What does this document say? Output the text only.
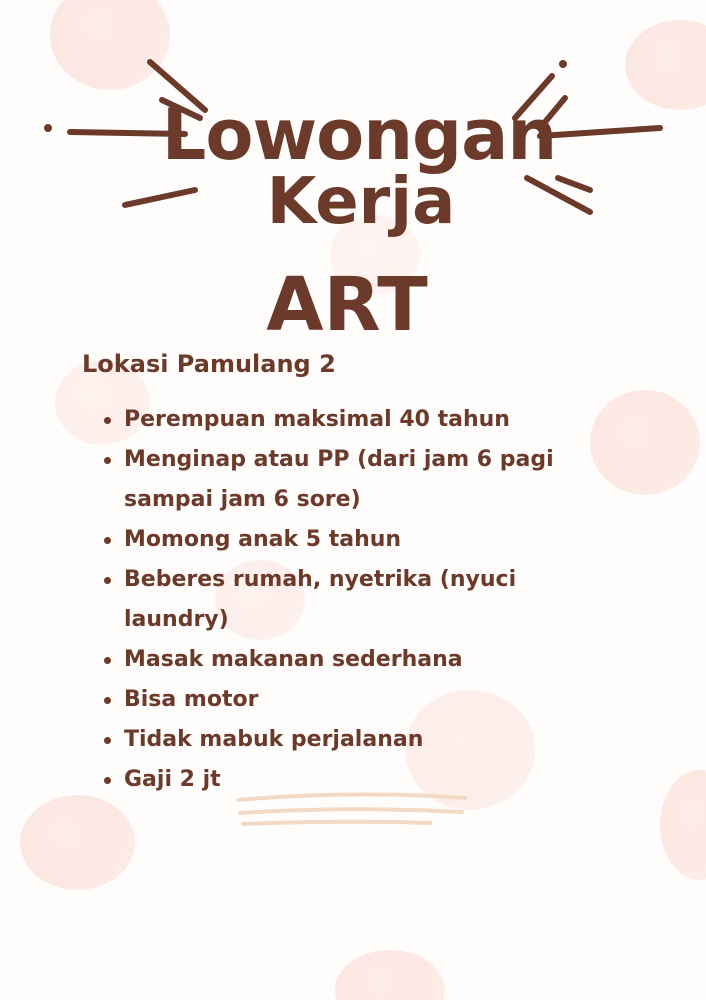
Lowongan
Kerja
ART
Lokasi Pamulang 2
Perempuan maksimal 40 tahun
Menginap atau PP (dari jam 6 pagi sampai jam 6 sore)
Momong anak 5 tahun
Beberes rumah, nyetrika (nyuci laundry)
Masak makanan sederhana
Bisa motor
Tidak mabuk perjalanan
Gaji 2 jt
